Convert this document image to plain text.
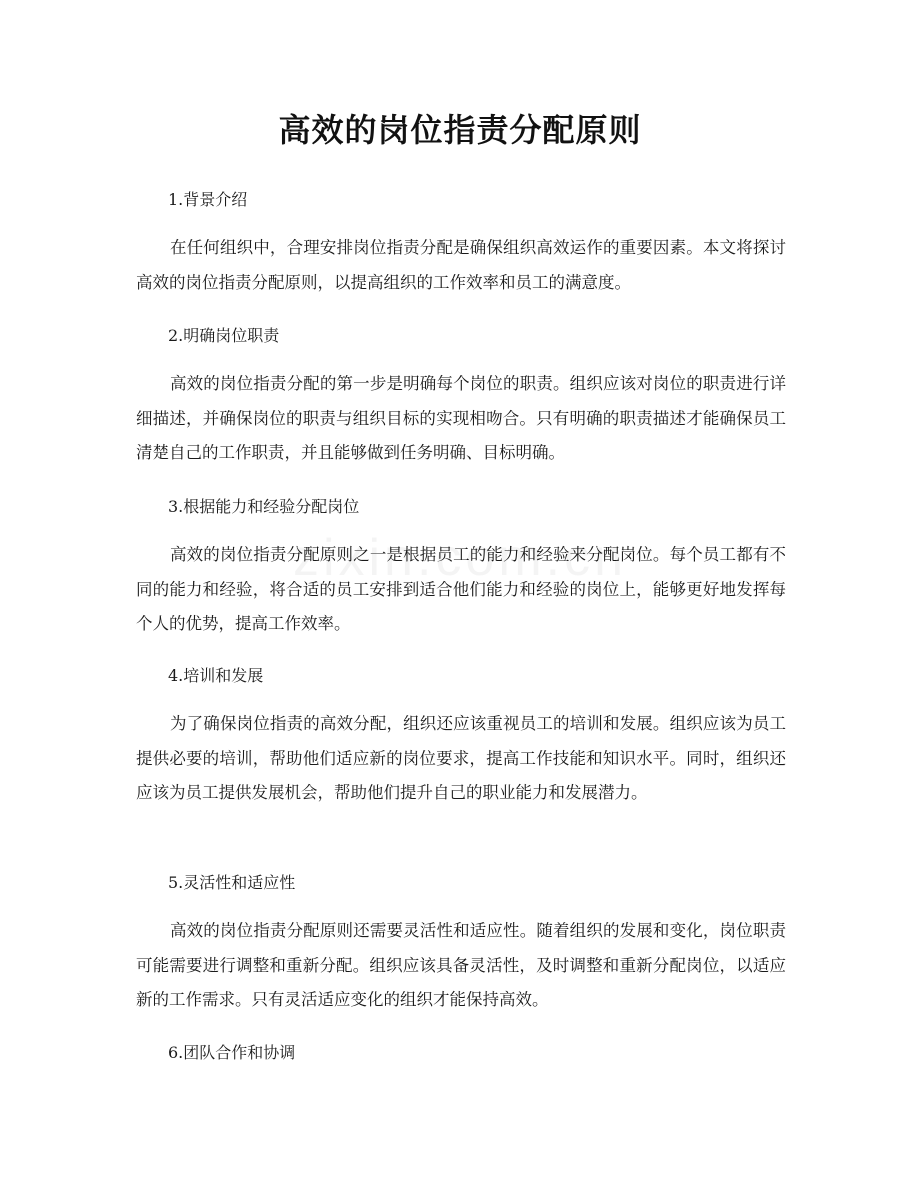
高效的岗位指责分配原则
1.背景介绍

在任何组织中，合理安排岗位指责分配是确保组织高效运作的重要因素。本文将探讨高效的岗位指责分配原则，以提高组织的工作效率和员工的满意度。

2.明确岗位职责

高效的岗位指责分配的第一步是明确每个岗位的职责。组织应该对岗位的职责进行详细描述，并确保岗位的职责与组织目标的实现相吻合。只有明确的职责描述才能确保员工清楚自己的工作职责，并且能够做到任务明确、目标明确。

3.根据能力和经验分配岗位

高效的岗位指责分配原则之一是根据员工的能力和经验来分配岗位。每个员工都有不同的能力和经验，将合适的员工安排到适合他们能力和经验的岗位上，能够更好地发挥每个人的优势，提高工作效率。

4.培训和发展

为了确保岗位指责的高效分配，组织还应该重视员工的培训和发展。组织应该为员工提供必要的培训，帮助他们适应新的岗位要求，提高工作技能和知识水平。同时，组织还应该为员工提供发展机会，帮助他们提升自己的职业能力和发展潜力。

5.灵活性和适应性

高效的岗位指责分配原则还需要灵活性和适应性。随着组织的发展和变化，岗位职责可能需要进行调整和重新分配。组织应该具备灵活性，及时调整和重新分配岗位，以适应新的工作需求。只有灵活适应变化的组织才能保持高效。

6.团队合作和协调
